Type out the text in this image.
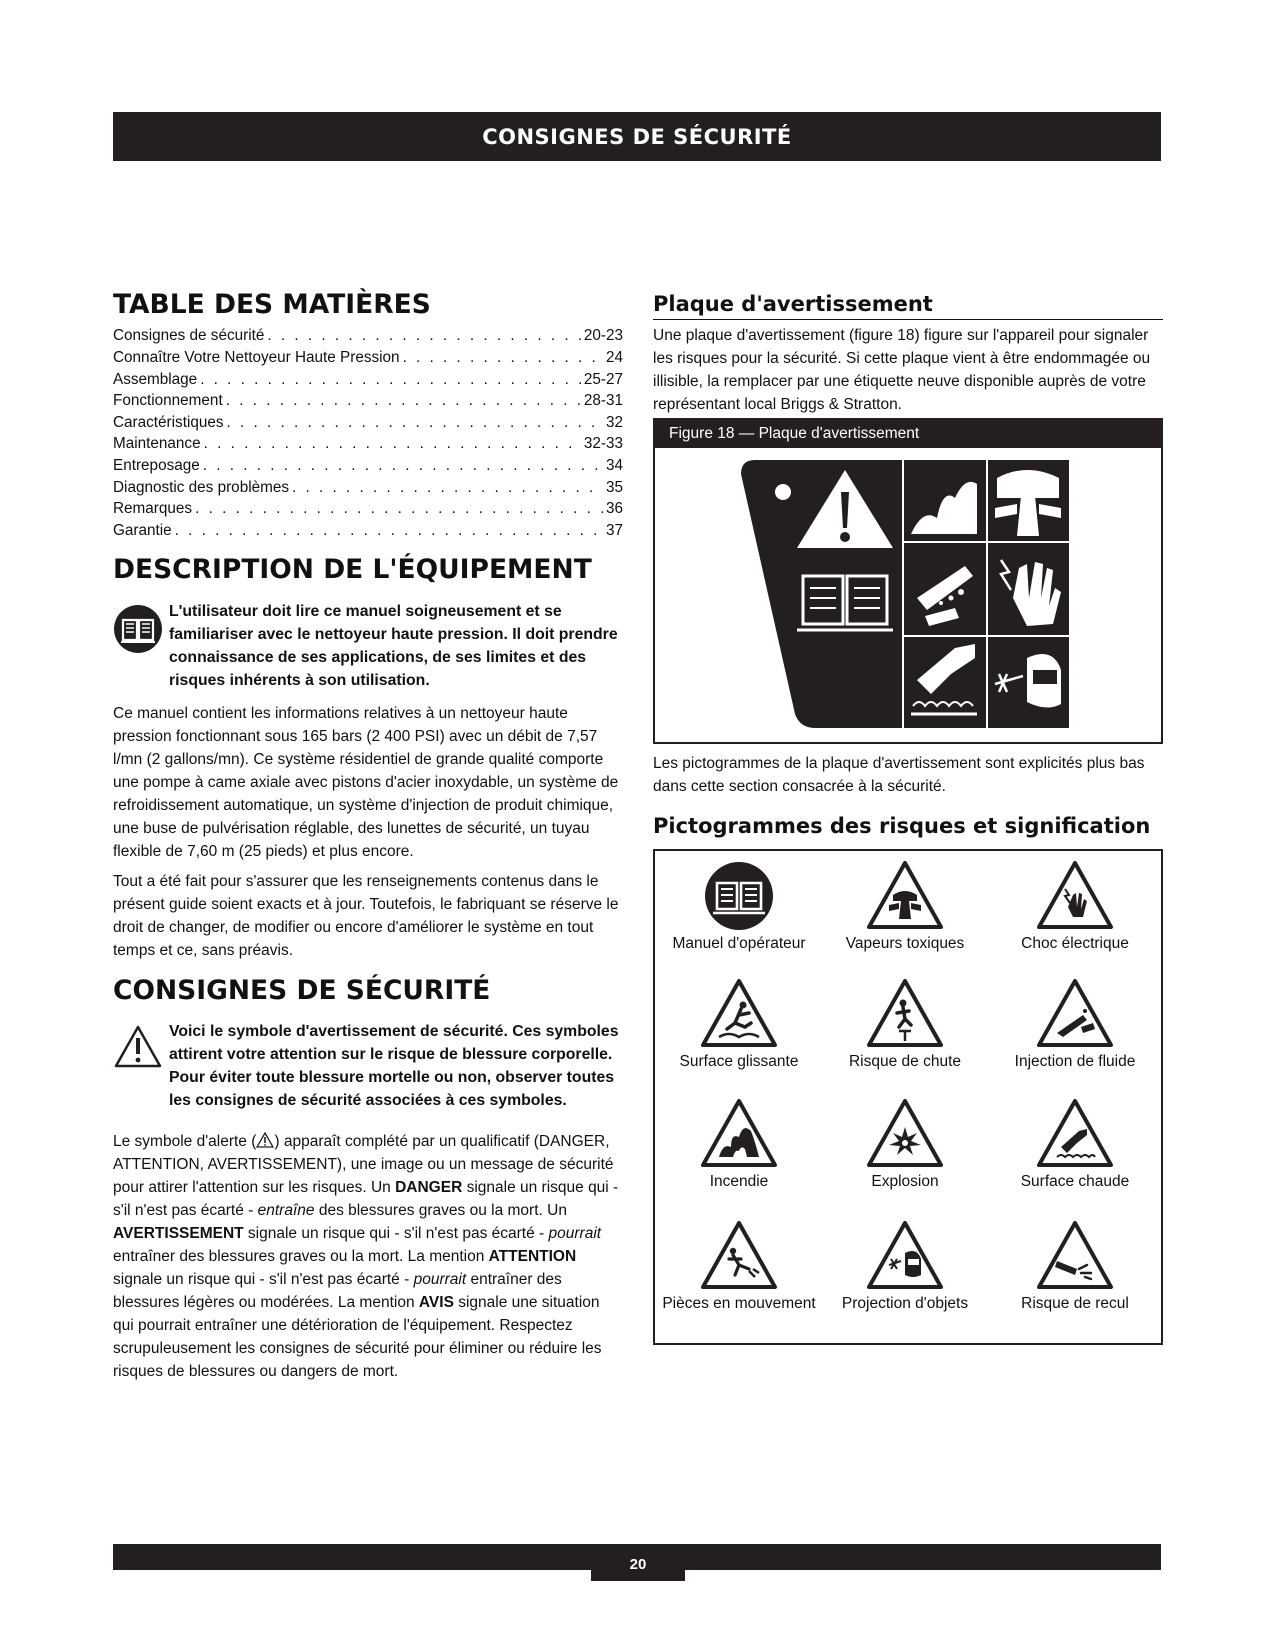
CONSIGNES DE SÉCURITÉ
TABLE DES MATIÈRES
Consignes de sécurité . . .	20-23
Connaître Votre Nettoyeur Haute Pression . . .	24
Assemblage . . .	25-27
Fonctionnement . . .	28-31
Caractéristiques . . .	32
Maintenance . . .	32-33
Entreposage . . .	34
Diagnostic des problèmes . . .	35
Remarques . . .	36
Garantie . . .	37
DESCRIPTION DE L'ÉQUIPEMENT
L'utilisateur doit lire ce manuel soigneusement et se familiariser avec le nettoyeur haute pression. Il doit prendre connaissance de ses applications, de ses limites et des risques inhérents à son utilisation.

Ce manuel contient les informations relatives à un nettoyeur haute pression fonctionnant sous 165 bars (2 400 PSI) avec un débit de 7,57 l/mn (2 gallons/mn). Ce système résidentiel de grande qualité comporte une pompe à came axiale avec pistons d'acier inoxydable, un système de refroidissement automatique, un système d'injection de produit chimique, une buse de pulvérisation réglable, des lunettes de sécurité, un tuyau flexible de 7,60 m (25 pieds) et plus encore.

Tout a été fait pour s'assurer que les renseignements contenus dans le présent guide soient exacts et à jour. Toutefois, le fabriquant se réserve le droit de changer, de modifier ou encore d'améliorer le système en tout temps et ce, sans préavis.

CONSIGNES DE SÉCURITÉ
Voici le symbole d'avertissement de sécurité. Ces symboles attirent votre attention sur le risque de blessure corporelle. Pour éviter toute blessure mortelle ou non, observer toutes les consignes de sécurité associées à ces symboles.

Le symbole d'alerte ( ) apparaît complété par un qualificatif (DANGER, ATTENTION, AVERTISSEMENT), une image ou un message de sécurité pour attirer l'attention sur les risques. Un DANGER signale un risque qui - s'il n'est pas écarté - entraîne des blessures graves ou la mort. Un AVERTISSEMENT signale un risque qui - s'il n'est pas écarté - pourrait entraîner des blessures graves ou la mort. La mention ATTENTION signale un risque qui - s'il n'est pas écarté - pourrait entraîner des blessures légères ou modérées. La mention AVIS signale une situation qui pourrait entraîner une détérioration de l'équipement. Respectez scrupuleusement les consignes de sécurité pour éliminer ou réduire les risques de blessures ou dangers de mort.

Plaque d'avertissement

Une plaque d'avertissement (figure 18) figure sur l'appareil pour signaler les risques pour la sécurité. Si cette plaque vient à être endommagée ou illisible, la remplacer par une étiquette neuve disponible auprès de votre représentant local Briggs & Stratton.

Figure 18 — Plaque d'avertissement

Les pictogrammes de la plaque d'avertissement sont explicités plus bas dans cette section consacrée à la sécurité.

Pictogrammes des risques et signification
Manuel d'opérateur	Vapeurs toxiques	Choc électrique
Surface glissante	Risque de chute	Injection de fluide
Incendie	Explosion	Surface chaude
Pièces en mouvement	Projection d'objets	Risque de recul
20
